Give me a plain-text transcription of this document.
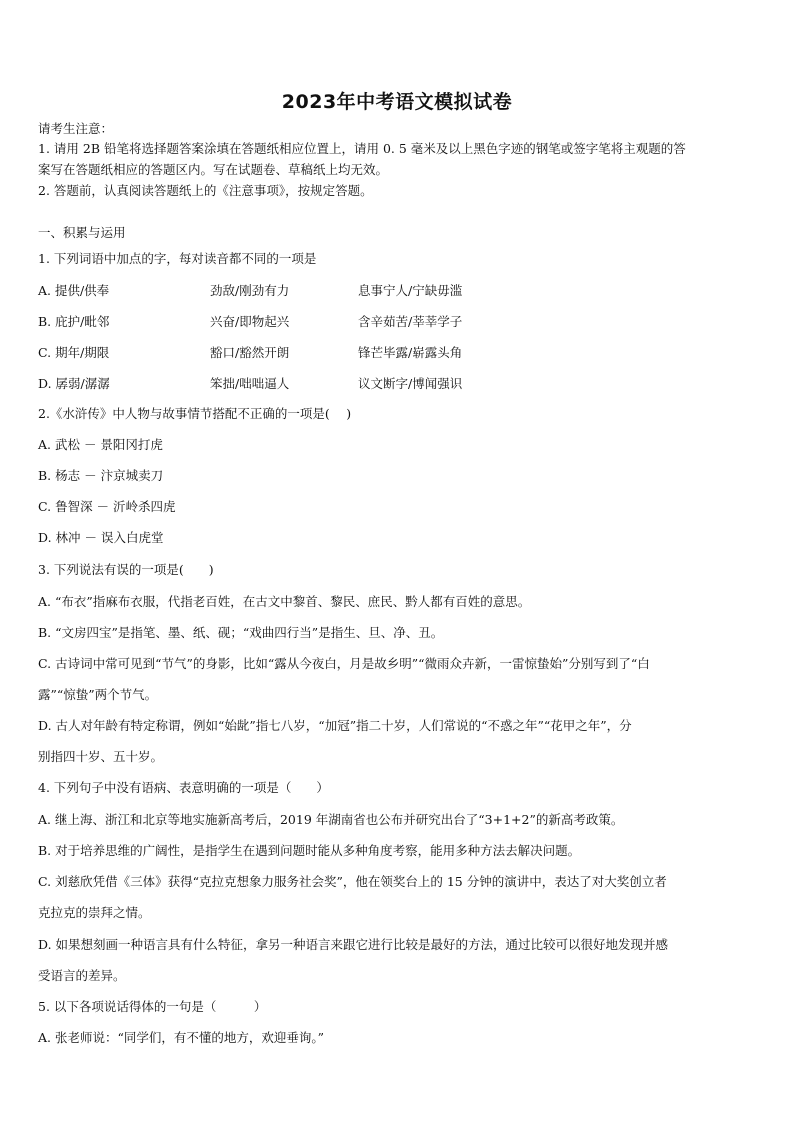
2023年中考语文模拟试卷
请考生注意：
1. 请用 2B 铅笔将选择题答案涂填在答题纸相应位置上，请用 0. 5 毫米及以上黑色字迹的钢笔或签字笔将主观题的答
案写在答题纸相应的答题区内。写在试题卷、草稿纸上均无效。
2. 答题前，认真阅读答题纸上的《注意事项》，按规定答题。
一、积累与运用
1. 下列词语中加点的字，每对读音都不同的一项是
A. 提供/供奉	劲敌/刚劲有力	息事宁人/宁缺毋滥
B. 庇护/毗邻	兴奋/即物起兴	含辛茹苦/莘莘学子
C. 期年/期限	豁口/豁然开朗	锋芒毕露/崭露头角
D. 孱弱/潺潺	笨拙/咄咄逼人	议文断字/博闻强识
2.《水浒传》中人物与故事情节搭配不正确的一项是(　 )
A. 武松 － 景阳冈打虎
B. 杨志 － 汴京城卖刀
C. 鲁智深 － 沂岭杀四虎
D. 林冲 － 误入白虎堂
3. 下列说法有误的一项是(　　)
A. “布衣”指麻布衣服，代指老百姓，在古文中黎首、黎民、庶民、黔人都有百姓的意思。
B. “文房四宝”是指笔、墨、纸、砚；“戏曲四行当”是指生、旦、净、丑。
C. 古诗词中常可见到“节气”的身影，比如“露从今夜白，月是故乡明”“微雨众卉新，一雷惊蛰始”分别写到了“白
露”“惊蛰”两个节气。
D. 古人对年龄有特定称谓，例如“始龀”指七八岁，“加冠”指二十岁，人们常说的“不惑之年”“花甲之年”，分
别指四十岁、五十岁。
4. 下列句子中没有语病、表意明确的一项是（　　）
A. 继上海、浙江和北京等地实施新高考后，2019 年湖南省也公布并研究出台了“3+1+2”的新高考政策。
B. 对于培养思维的广阔性，是指学生在遇到问题时能从多种角度考察，能用多种方法去解决问题。
C. 刘慈欣凭借《三体》获得“克拉克想象力服务社会奖”，他在领奖台上的 15 分钟的演讲中，表达了对大奖创立者
克拉克的崇拜之情。
D. 如果想刻画一种语言具有什么特征，拿另一种语言来跟它进行比较是最好的方法，通过比较可以很好地发现并感
受语言的差异。
5. 以下各项说话得体的一句是（　　　）
A. 张老师说：“同学们，有不懂的地方，欢迎垂询。”
